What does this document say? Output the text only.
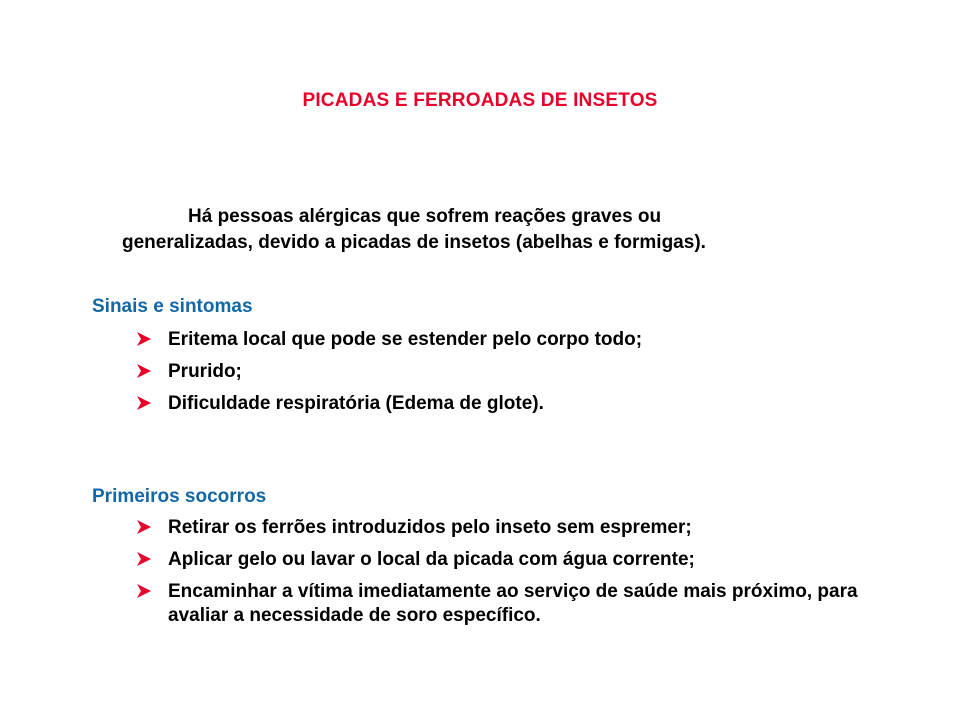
PICADAS E FERROADAS DE INSETOS
Há pessoas alérgicas que sofrem reações graves ou
generalizadas, devido a picadas de insetos (abelhas e formigas).
Sinais e sintomas
Eritema local que pode se estender pelo corpo todo;
Prurido;
Dificuldade respiratória (Edema de glote).
Primeiros socorros
Retirar os ferrões introduzidos pelo inseto sem espremer;
Aplicar gelo ou lavar o local da picada com água corrente;
Encaminhar a vítima imediatamente ao serviço de saúde mais próximo, para avaliar a necessidade de soro específico.
